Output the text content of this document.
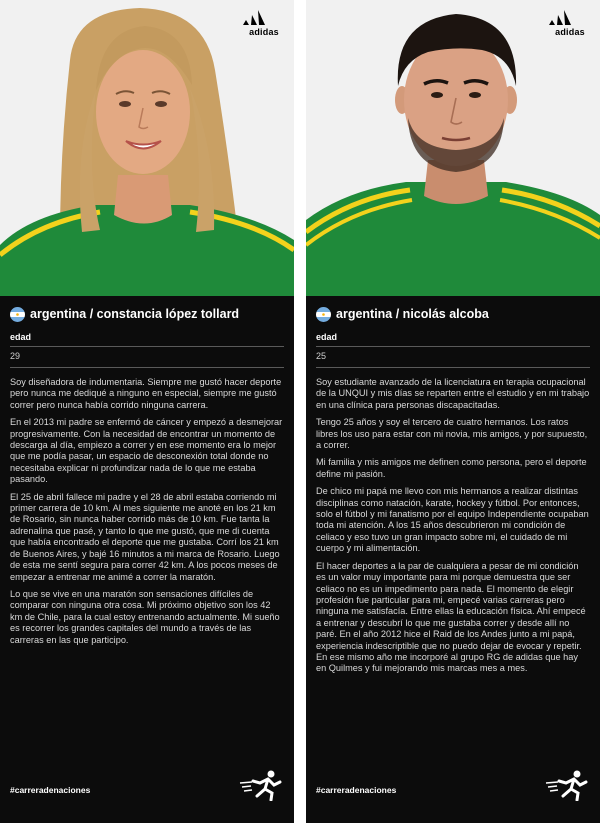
adidas
argentina / constancia lópez tollard
edad
29

Soy diseñadora de indumentaria. Siempre me gustó hacer deporte pero nunca me dediqué a ninguno en especial, siempre me gustó correr pero nunca había corrido ninguna carrera.

En el 2013 mi padre se enfermó de cáncer y empezó a desmejorar progresivamente. Con la necesidad de encontrar un momento de descarga al día, empiezo a correr y en ese momento era lo mejor que me podía pasar, un espacio de desconexión total donde no necesitaba explicar ni profundizar nada de lo que me estaba pasando.

El 25 de abril fallece mi padre y el 28 de abril estaba corriendo mi primer carrera de 10 km. Al mes siguiente me anoté en los 21 km de Rosario, sin nunca haber corrido más de 10 km. Fue tanta la adrenalina que pasé, y tanto lo que me gustó, que me di cuenta que había encontrado el deporte que me gustaba. Corrí los 21 km de Buenos Aires, y bajé 16 minutos a mi marca de Rosario. Luego de esta me sentí segura para correr 42 km. A los pocos meses de empezar a entrenar me animé a correr la maratón.

Lo que se vive en una maratón son sensaciones difíciles de comparar con ninguna otra cosa. Mi próximo objetivo son los 42 km de Chile, para la cual estoy entrenando actualmente. Mi sueño es recorrer los grandes capitales del mundo a través de las carreras en las que participo.

#carreradenaciones
adidas
argentina / nicolás alcoba
edad
25

Soy estudiante avanzado de la licenciatura en terapia ocupacional de la UNQUI y mis días se reparten entre el estudio y en mi trabajo en una clínica para personas discapacitadas.

Tengo 25 años y soy el tercero de cuatro hermanos. Los ratos libres los uso para estar con mi novia, mis amigos, y por supuesto, a correr.

Mi familia y mis amigos me definen como persona, pero el deporte define mi pasión.

De chico mi papá me llevo con mis hermanos a realizar distintas disciplinas como natación, karate, hockey y fútbol. Por entonces, solo el fútbol y mi fanatismo por el equipo Independiente ocupaban toda mi atención. A los 15 años descubrieron mi condición de celiaco y eso tuvo un gran impacto sobre mi, el cuidado de mi cuerpo y mi alimentación.

El hacer deportes a la par de cualquiera a pesar de mi condición es un valor muy importante para mi porque demuestra que ser celiaco no es un impedimento para nada. El momento de elegir profesión fue particular para mi, empecé varias carreras pero ninguna me satisfacía. Entre ellas la educación física. Ahí empecé a entrenar y descubrí lo que me gustaba correr y desde allí no paré. En el año 2012 hice el Raid de los Andes junto a mi papá, experiencia indescriptible que no puedo dejar de evocar y repetir. En ese mismo año me incorporé al grupo RG de adidas que hay en Quilmes y fui mejorando mis marcas mes a mes.

#carreradenaciones
